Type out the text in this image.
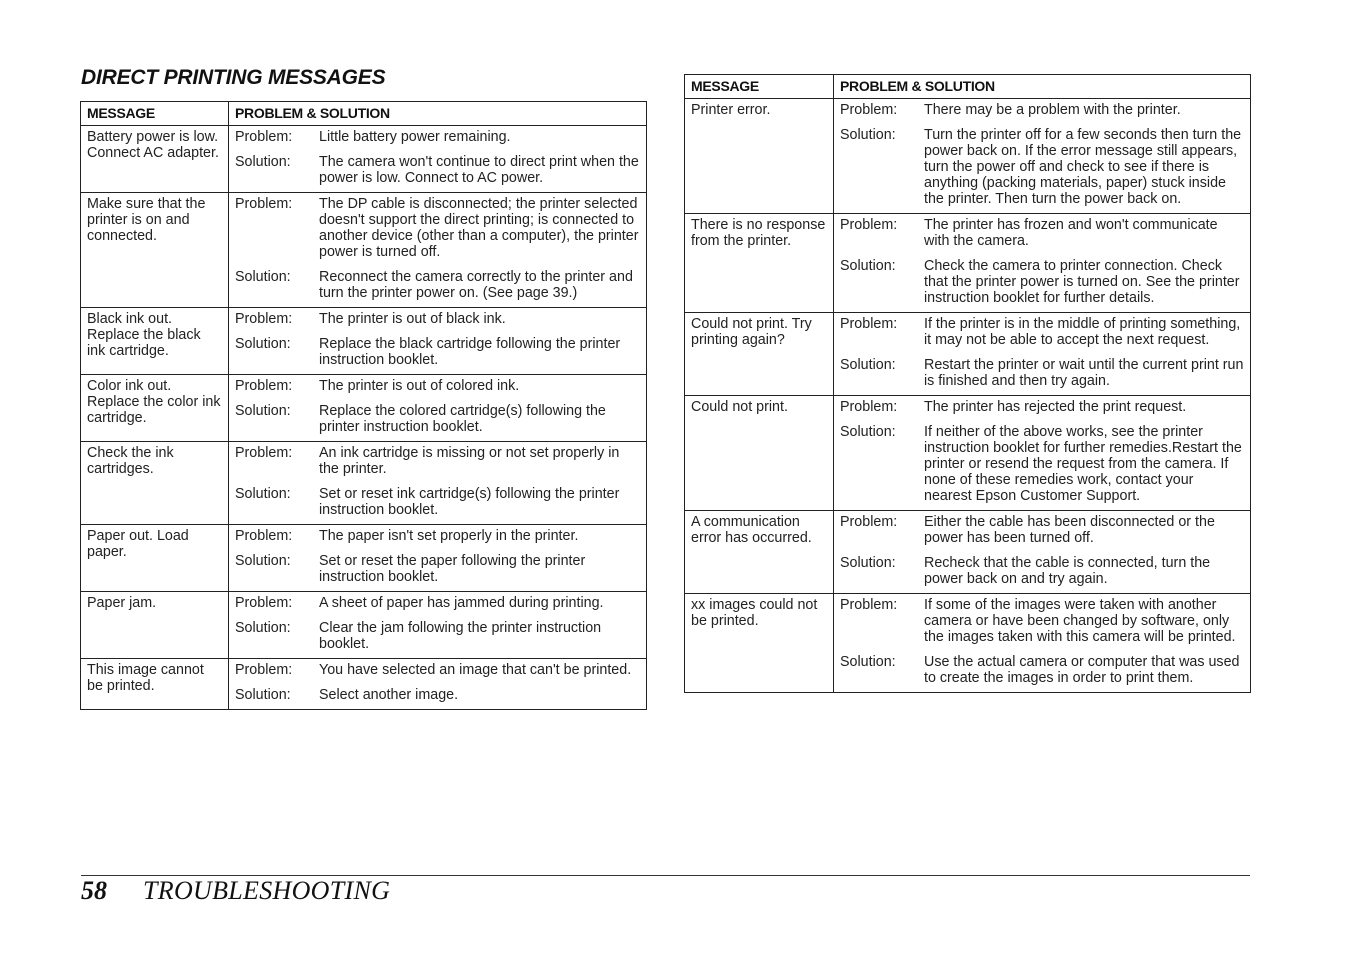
DIRECT PRINTING MESSAGES
MESSAGE	PROBLEM & SOLUTION
Battery power is low. Connect AC adapter.	Problem: Little battery power remaining.
Solution: The camera won't continue to direct print when the power is low. Connect to AC power.

Make sure that the printer is on and connected.	Problem: The DP cable is disconnected; the printer selected doesn't support the direct printing; is connected to another device (other than a computer), the printer power is turned off.
Solution: Reconnect the camera correctly to the printer and turn the printer power on. (See page 39.)

Black ink out. Replace the black ink cartridge.	Problem: The printer is out of black ink.
Solution: Replace the black cartridge following the printer instruction booklet.

Color ink out. Replace the color ink cartridge.	Problem: The printer is out of colored ink.
Solution: Replace the colored cartridge(s) following the printer instruction booklet.

Check the ink cartridges.	Problem: An ink cartridge is missing or not set properly in the printer.
Solution: Set or reset ink cartridge(s) following the printer instruction booklet.

Paper out. Load paper.	Problem: The paper isn't set properly in the printer.
Solution: Set or reset the paper following the printer instruction booklet.

Paper jam.	Problem: A sheet of paper has jammed during printing.
Solution: Clear the jam following the printer instruction booklet.

This image cannot be printed.	Problem: You have selected an image that can't be printed.
Solution: Select another image.
MESSAGE	PROBLEM & SOLUTION
Printer error.	Problem: There may be a problem with the printer.
Solution: Turn the printer off for a few seconds then turn the power back on. If the error message still appears, turn the power off and check to see if there is anything (packing materials, paper) stuck inside the printer. Then turn the power back on.

There is no response from the printer.	Problem: The printer has frozen and won't communicate with the camera.
Solution: Check the camera to printer connection. Check that the printer power is turned on. See the printer instruction booklet for further details.

Could not print. Try printing again?	Problem: If the printer is in the middle of printing something, it may not be able to accept the next request.
Solution: Restart the printer or wait until the current print run is finished and then try again.

Could not print.	Problem: The printer has rejected the print request.
Solution: If neither of the above works, see the printer instruction booklet for further remedies.Restart the printer or resend the request from the camera. If none of these remedies work, contact your nearest Epson Customer Support.

A communication error has occurred.	Problem: Either the cable has been disconnected or the power has been turned off.
Solution: Recheck that the cable is connected, turn the power back on and try again.

xx images could not be printed.	Problem: If some of the images were taken with another camera or have been changed by software, only the images taken with this camera will be printed.
Solution: Use the actual camera or computer that was used to create the images in order to print them.
58 TROUBLESHOOTING
